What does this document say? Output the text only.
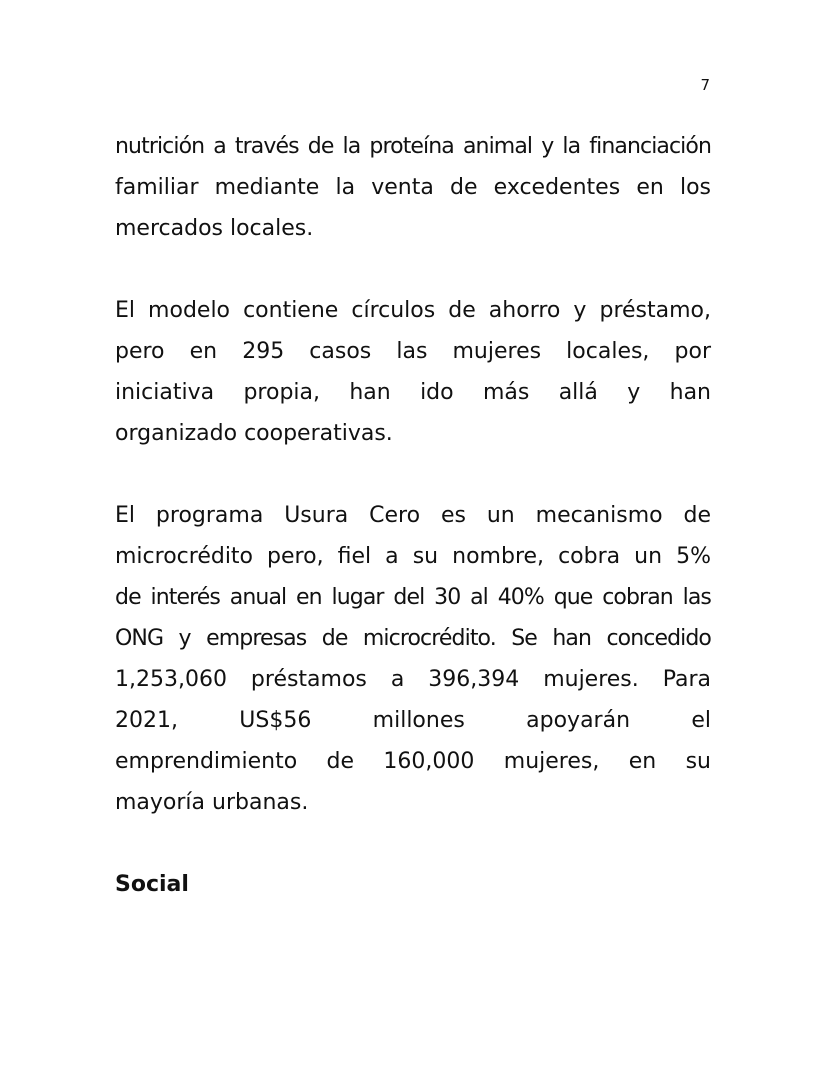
7
nutrición a través de la proteína animal y la financiación
familiar mediante la venta de excedentes en los
mercados locales.
El modelo contiene círculos de ahorro y préstamo,
pero en 295 casos las mujeres locales, por
iniciativa propia, han ido más allá y han
organizado cooperativas.
El programa Usura Cero es un mecanismo de
microcrédito pero, fiel a su nombre, cobra un 5%
de interés anual en lugar del 30 al 40% que cobran las
ONG y empresas de microcrédito. Se han concedido
1,253,060 préstamos a 396,394 mujeres. Para
2021, US$56 millones apoyarán el
emprendimiento de 160,000 mujeres, en su
mayoría urbanas.
Social
